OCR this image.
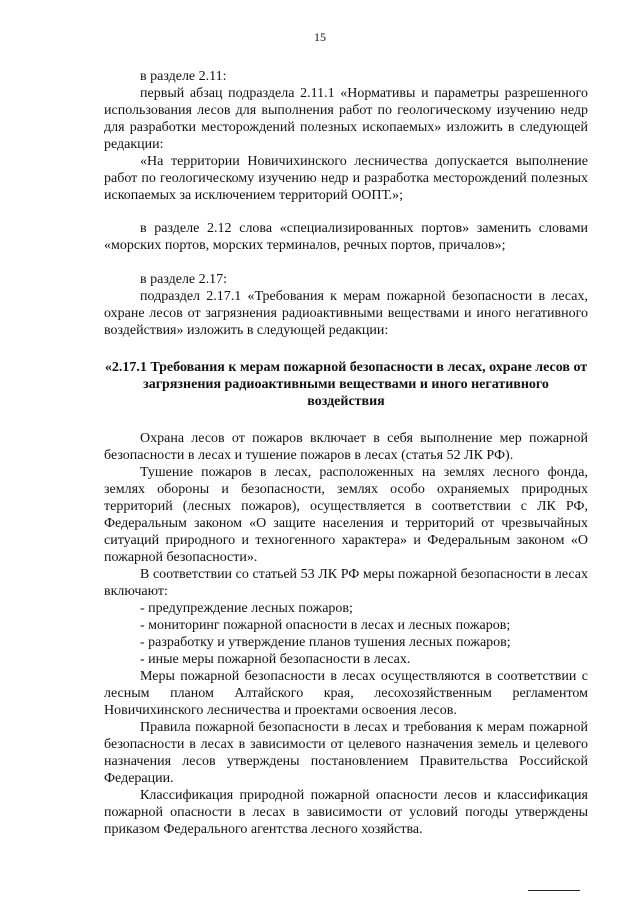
15

в разделе 2.11:

первый абзац подраздела 2.11.1 «Нормативы и параметры разрешенного использования лесов для выполнения работ по геологическому изучению недр для разработки месторождений полезных ископаемых» изложить в следующей редакции:

«На территории Новичихинского лесничества допускается выполнение работ по геологическому изучению недр и разработка месторождений полезных ископаемых за исключением территорий ООПТ.»;

в разделе 2.12 слова «специализированных портов» заменить словами «морских портов, морских терминалов, речных портов, причалов»;

в разделе 2.17:

подраздел 2.17.1 «Требования к мерам пожарной безопасности в лесах, охране лесов от загрязнения радиоактивными веществами и иного негативного воздействия» изложить в следующей редакции:

«2.17.1 Требования к мерам пожарной безопасности в лесах, охране лесов от загрязнения радиоактивными веществами и иного негативного воздействия

Охрана лесов от пожаров включает в себя выполнение мер пожарной безопасности в лесах и тушение пожаров в лесах (статья 52 ЛК РФ).

Тушение пожаров в лесах, расположенных на землях лесного фонда, землях обороны и безопасности, землях особо охраняемых природных территорий (лесных пожаров), осуществляется в соответствии с ЛК РФ, Федеральным законом «О защите населения и территорий от чрезвычайных ситуаций природного и техногенного характера» и Федеральным законом «О пожарной безопасности».

В соответствии со статьей 53 ЛК РФ меры пожарной безопасности в лесах включают:

- предупреждение лесных пожаров;
- мониторинг пожарной опасности в лесах и лесных пожаров;
- разработку и утверждение планов тушения лесных пожаров;
- иные меры пожарной безопасности в лесах.

Меры пожарной безопасности в лесах осуществляются в соответствии с лесным планом Алтайского края, лесохозяйственным регламентом Новичихинского лесничества и проектами освоения лесов.

Правила пожарной безопасности в лесах и требования к мерам пожарной безопасности в лесах в зависимости от целевого назначения земель и целевого назначения лесов утверждены постановлением Правительства Российской Федерации.

Классификация природной пожарной опасности лесов и классификация пожарной опасности в лесах в зависимости от условий погоды утверждены приказом Федерального агентства лесного хозяйства.
